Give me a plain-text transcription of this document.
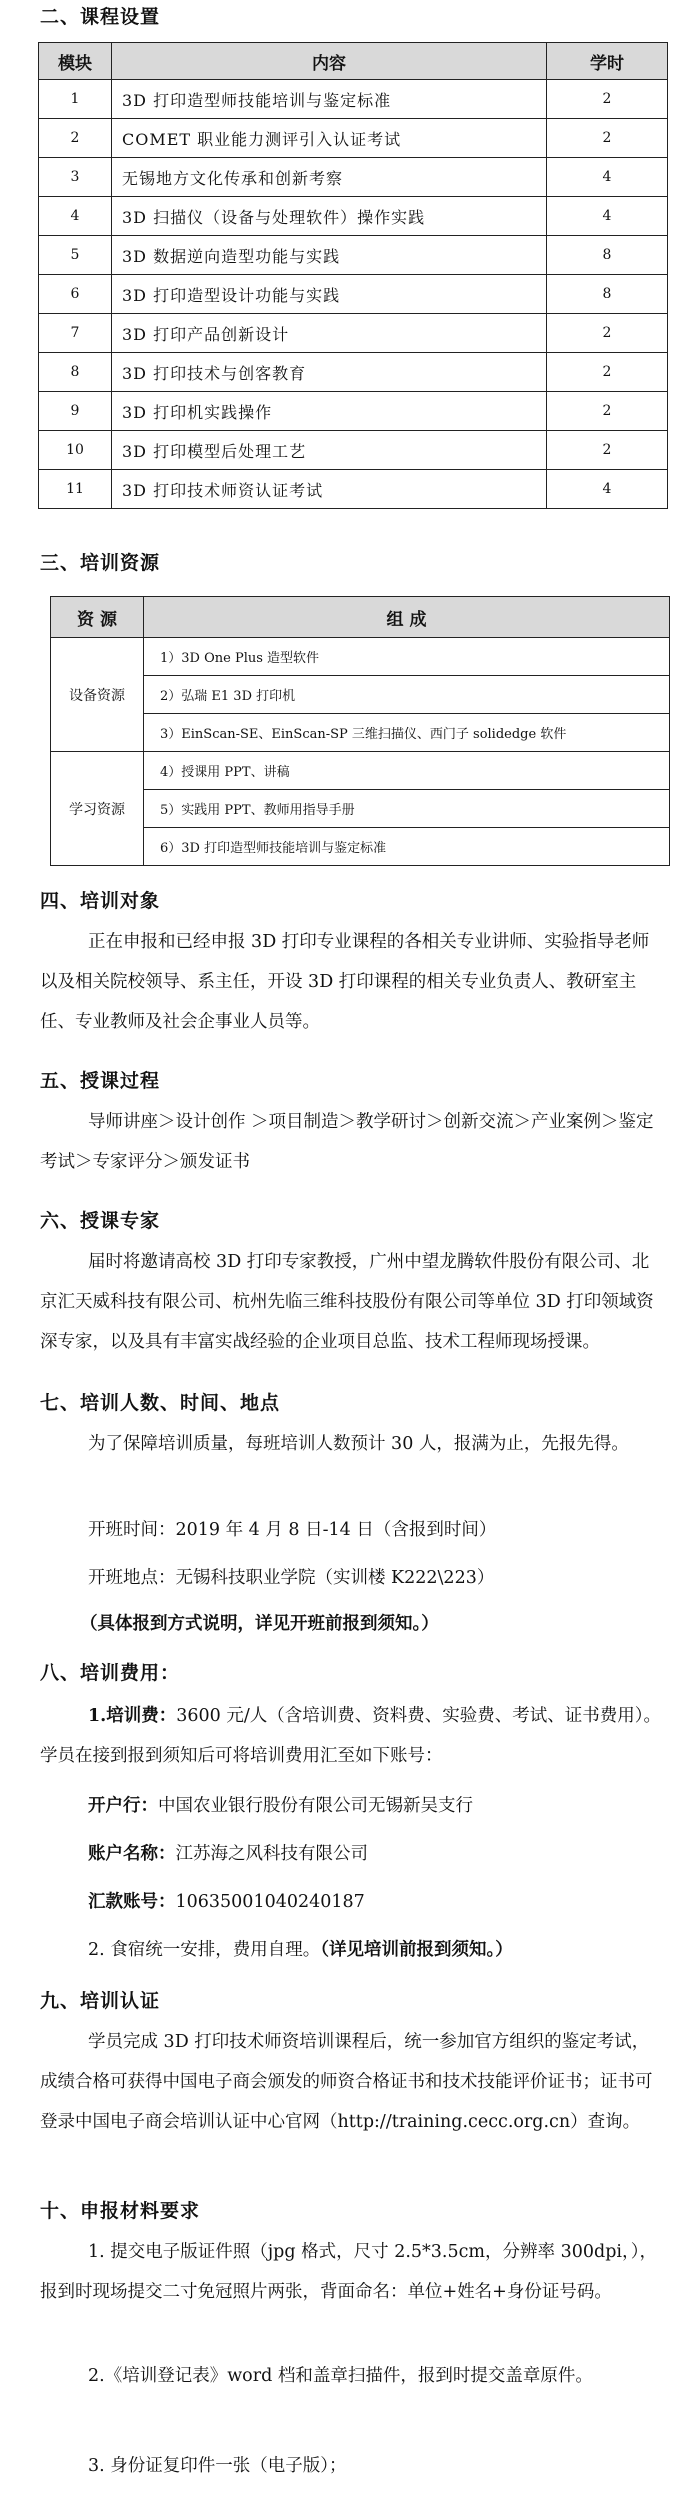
二、课程设置
模块	内容	学时
1	3D 打印造型师技能培训与鉴定标准	2
2	COMET 职业能力测评引入认证考试	2
3	无锡地方文化传承和创新考察	4
4	3D 扫描仪（设备与处理软件）操作实践	4
5	3D 数据逆向造型功能与实践	8
6	3D 打印造型设计功能与实践	8
7	3D 打印产品创新设计	2
8	3D 打印技术与创客教育	2
9	3D 打印机实践操作	2
10	3D 打印模型后处理工艺	2
11	3D 打印技术师资认证考试	4
三、培训资源
资 源	组 成
设备资源	1）3D One Plus 造型软件
2）弘瑞 E1 3D 打印机
3）EinScan-SE、EinScan-SP 三维扫描仪、西门子 solidedge 软件

学习资源	4）授课用 PPT、讲稿
5）实践用 PPT、教师用指导手册
6）3D 打印造型师技能培训与鉴定标准
四、培训对象
正在申报和已经申报 3D 打印专业课程的各相关专业讲师、实验指导老师以及相关院校领导、系主任，开设 3D 打印课程的相关专业负责人、教研室主任、专业教师及社会企事业人员等。
五、授课过程
导师讲座＞设计创作 ＞项目制造＞教学研讨＞创新交流＞产业案例＞鉴定考试＞专家评分＞颁发证书
六、授课专家
届时将邀请高校 3D 打印专家教授，广州中望龙腾软件股份有限公司、北京汇天威科技有限公司、杭州先临三维科技股份有限公司等单位 3D 打印领域资深专家，以及具有丰富实战经验的企业项目总监、技术工程师现场授课。
七、培训人数、时间、地点
为了保障培训质量，每班培训人数预计 30 人，报满为止，先报先得。
开班时间：2019 年 4 月 8 日-14 日（含报到时间）
开班地点：无锡科技职业学院（实训楼 K222\223）
（具体报到方式说明，详见开班前报到须知。）
八、培训费用：
1.培训费：3600 元/人（含培训费、资料费、实验费、考试、证书费用）。学员在接到报到须知后可将培训费用汇至如下账号：
开户行：中国农业银行股份有限公司无锡新吴支行
账户名称：江苏海之风科技有限公司
汇款账号：10635001040240187
2. 食宿统一安排，费用自理。（详见培训前报到须知。）
九、培训认证
学员完成 3D 打印技术师资培训课程后，统一参加官方组织的鉴定考试，成绩合格可获得中国电子商会颁发的师资合格证书和技术技能评价证书；证书可登录中国电子商会培训认证中心官网（http://training.cecc.org.cn）查询。
十、申报材料要求
1. 提交电子版证件照（jpg 格式，尺寸 2.5*3.5cm，分辨率 300dpi，），报到时现场提交二寸免冠照片两张，背面命名：单位+姓名+身份证号码。
2.《培训登记表》word 档和盖章扫描件，报到时提交盖章原件。
3. 身份证复印件一张（电子版）；
